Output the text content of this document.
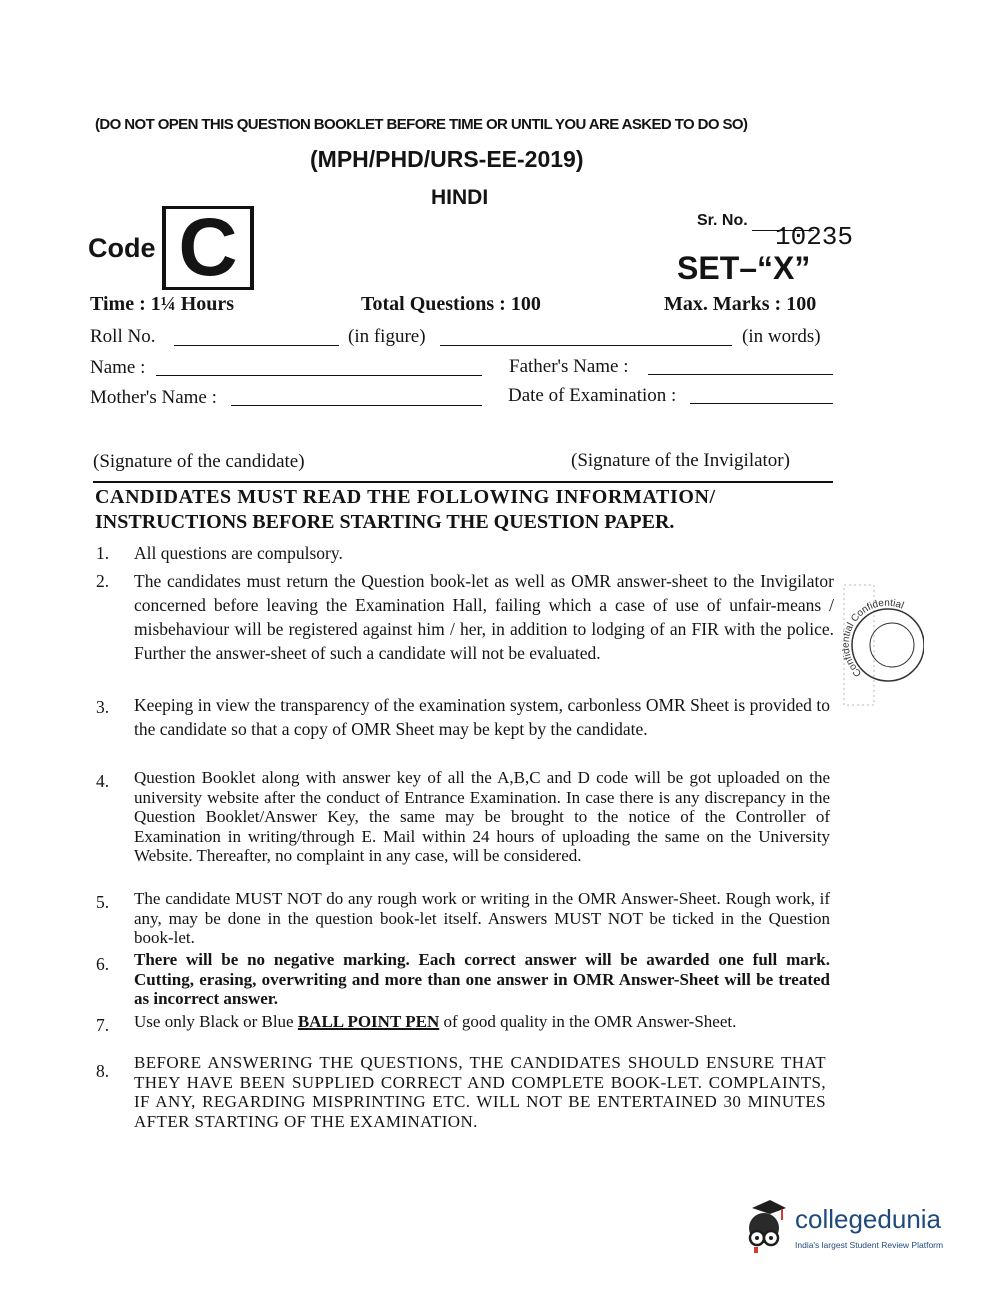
(DO NOT OPEN THIS QUESTION BOOKLET BEFORE TIME OR UNTIL YOU ARE ASKED TO DO SO)
(MPH/PHD/URS-EE-2019)
HINDI
Code C	Sr. No.
10235
SET–“X”
Time : 1¼ Hours	Total Questions : 100	Max. Marks : 100
Roll No.	(in figure)	(in words)
Name :	Father's Name :
Mother's Name :	Date of Examination :
(Signature of the candidate)	(Signature of the Invigilator)
CANDIDATES MUST READ THE FOLLOWING INFORMATION/
INSTRUCTIONS BEFORE STARTING THE QUESTION PAPER.
1. All questions are compulsory.
2. The candidates must return the Question book-let as well as OMR answer-sheet to the Invigilator concerned before leaving the Examination Hall, failing which a case of use of unfair-means / misbehaviour will be registered against him / her, in addition to lodging of an FIR with the police. Further the answer-sheet of such a candidate will not be evaluated.
3. Keeping in view the transparency of the examination system, carbonless OMR Sheet is provided to the candidate so that a copy of OMR Sheet may be kept by the candidate.
4. Question Booklet along with answer key of all the A,B,C and D code will be got uploaded on the university website after the conduct of Entrance Examination. In case there is any discrepancy in the Question Booklet/Answer Key, the same may be brought to the notice of the Controller of Examination in writing/through E. Mail within 24 hours of uploading the same on the University Website. Thereafter, no complaint in any case, will be considered.
5. The candidate MUST NOT do any rough work or writing in the OMR Answer-Sheet. Rough work, if any, may be done in the question book-let itself. Answers MUST NOT be ticked in the Question book-let.
6. There will be no negative marking. Each correct answer will be awarded one full mark. Cutting, erasing, overwriting and more than one answer in OMR Answer-Sheet will be treated as incorrect answer.
7. Use only Black or Blue BALL POINT PEN of good quality in the OMR Answer-Sheet.
8. BEFORE ANSWERING THE QUESTIONS, THE CANDIDATES SHOULD ENSURE THAT THEY HAVE BEEN SUPPLIED CORRECT AND COMPLETE BOOK-LET. COMPLAINTS, IF ANY, REGARDING MISPRINTING ETC. WILL NOT BE ENTERTAINED 30 MINUTES AFTER STARTING OF THE EXAMINATION.
Confid tial Confidential
collegedunia
India's largest Student Review Platform
